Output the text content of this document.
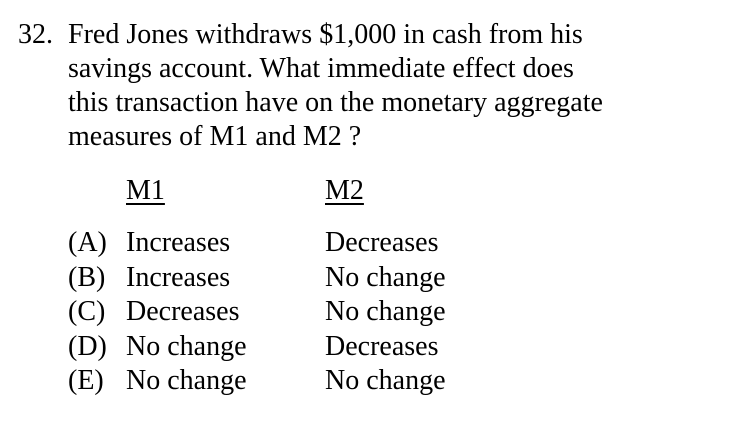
32. Fred Jones withdraws $1,000 in cash from his
savings account. What immediate effect does
this transaction have on the monetary aggregate
measures of M1 and M2 ?
M1	M2
(A) Increases	Decreases
(B) Increases	No change
(C) Decreases	No change
(D) No change	Decreases
(E) No change	No change
